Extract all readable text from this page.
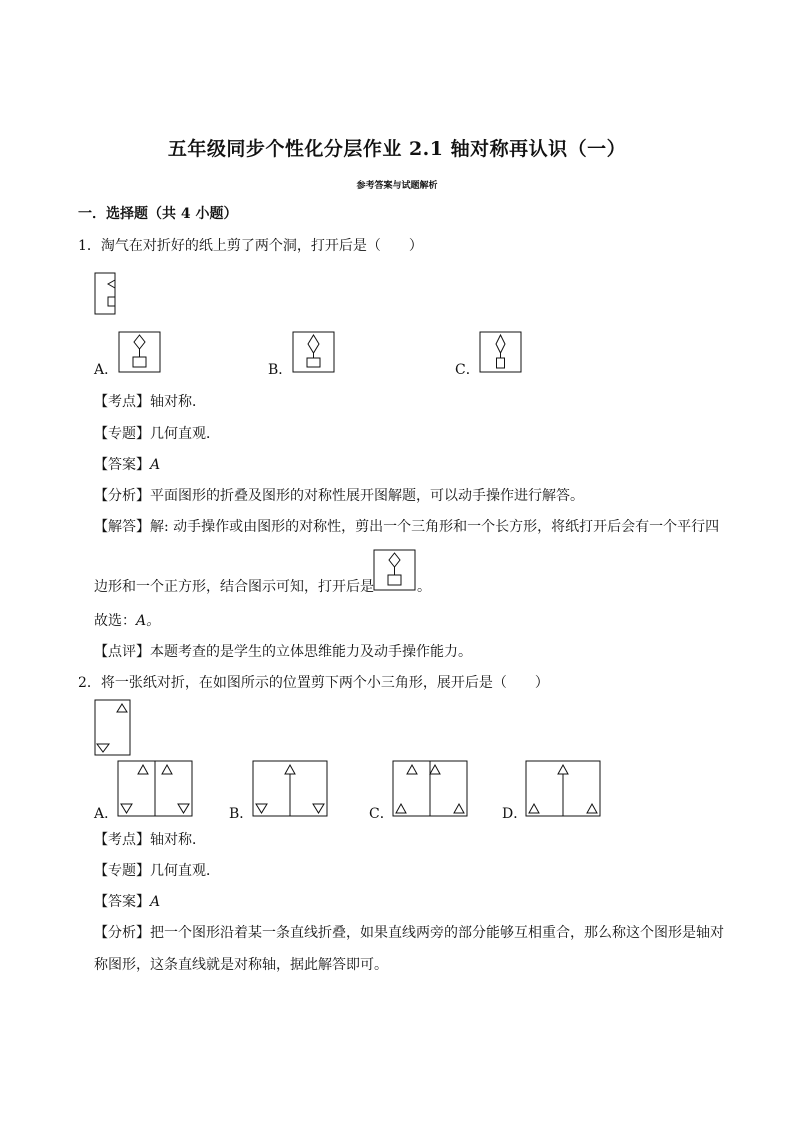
五年级同步个性化分层作业 2.1 轴对称再认识（一）
参考答案与试题解析
一．选择题（共 4 小题）
1．淘气在对折好的纸上剪了两个洞，打开后是（　　）
A．	B．	C．
【考点】轴对称．
【专题】几何直观．
【答案】A
【分析】平面图形的折叠及图形的对称性展开图解题，可以动手操作进行解答。
【解答】解: 动手操作或由图形的对称性，剪出一个三角形和一个长方形，将纸打开后会有一个平行四
边形和一个正方形，结合图示可知，打开后是	。
故选：A。
【点评】本题考查的是学生的立体思维能力及动手操作能力。
2．将一张纸对折，在如图所示的位置剪下两个小三角形，展开后是（　　）
A．	B．	C．	D．
【考点】轴对称．
【专题】几何直观．
【答案】A
【分析】把一个图形沿着某一条直线折叠，如果直线两旁的部分能够互相重合，那么称这个图形是轴对
称图形，这条直线就是对称轴，据此解答即可。
